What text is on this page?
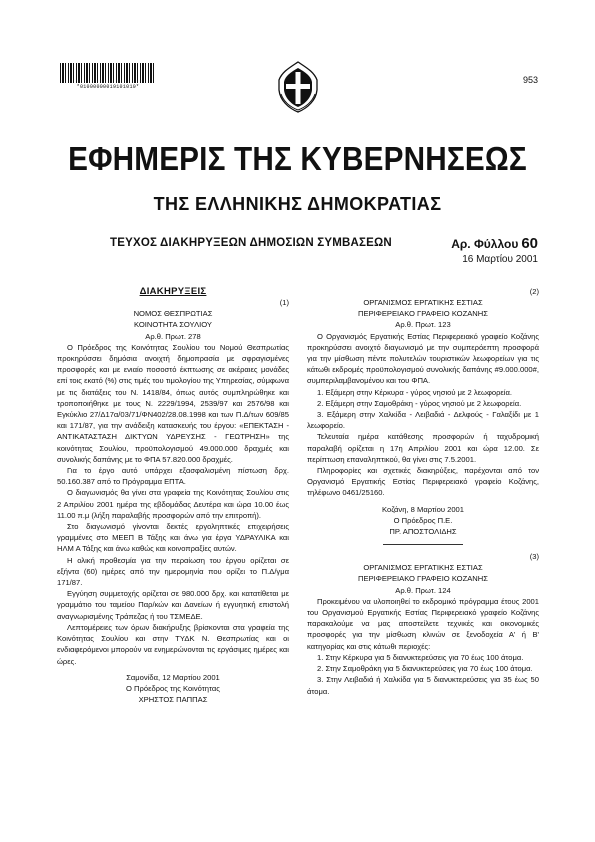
*01000000019101010*
953
ΕΦΗΜΕΡΙΣ ΤΗΣ ΚΥΒΕΡΝΗΣΕΩΣ
ΤΗΣ ΕΛΛΗΝΙΚΗΣ ΔΗΜΟΚΡΑΤΙΑΣ
ΤΕΥΧΟΣ ΔΙΑΚΗΡΥΞΕΩΝ ΔΗΜΟΣΙΩΝ ΣΥΜΒΑΣΕΩΝ	Αρ. Φύλλου 60
16 Μαρτίου 2001
ΔΙΑΚΗΡΥΞΕΙΣ
(1)
ΝΟΜΟΣ ΘΕΣΠΡΩΤΙΑΣ
ΚΟΙΝΟΤΗΤΑ ΣΟΥΛΙΟΥ
Αρ.θ. Πρωτ. 278
Ο Πρόεδρος της Κοινότητας Σουλίου του Νομού Θεσπρωτίας προκηρύσσει δημόσια ανοιχτή δημοπρασία με σφραγισμένες προσφορές και με ενιαίο ποσοστό έκπτωσης σε ακέραιες μονάδες επί τοις εκατό (%) στις τιμές του τιμολογίου της Υπηρεσίας, σύμφωνα με τις διατάξεις του Ν. 1418/84, όπως αυτός συμπληρώθηκε και τροποποιήθηκε με τους Ν. 2229/1994, 2539/97 και 2576/98 και Εγκύκλιο 27/Δ17α/03/71/ΦΝ402/28.08.1998 και των Π.Δ/των 609/85 και 171/87, για την ανάδειξη κατασκευής του έργου: «ΕΠΕΚΤΑΣΗ - ΑΝΤΙΚΑΤΑΣΤΑΣΗ ΔΙΚΤΥΩΝ ΥΔΡΕΥΣΗΣ - ΓΕΩΤΡΗΣΗ» της κοινότητας Σουλίου, προϋπολογισμού 49.000.000 δραχμές και συνολικής δαπάνης με το ΦΠΑ 57.820.000 δραχμές.
Για το έργο αυτό υπάρχει εξασφαλισμένη πίστωση δρχ. 50.160.387 από το Πρόγραμμα ΕΠΤΑ.
Ο διαγωνισμός θα γίνει στα γραφεία της Κοινότητας Σουλίου στις 2 Απριλίου 2001 ημέρα της εβδομάδας Δευτέρα και ώρα 10.00 έως 11.00 π.μ (λήξη παραλαβής προσφορών από την επιτροπή).
Στο διαγωνισμό γίνονται δεκτές εργοληπτικές επιχειρήσεις γραμμένες στο ΜΕΕΠ Β Τάξης και άνω για έργα ΥΔΡΑΥΛΙΚΑ και ΗΛΜ Α Τάξης και άνω καθώς και κοινοπραξίες αυτών.
Η ολική προθεσμία για την περαίωση του έργου ορίζεται σε εξήντα (60) ημέρες από την ημερομηνία που ορίζει το Π.Δ/γμα 171/87.
Εγγύηση συμμετοχής ορίζεται σε 980.000 δρχ. και κατατίθεται με γραμμάτιο του ταμείου Παρ/κών και Δανείων ή εγγυητική επιστολή αναγνωρισμένης Τράπεζας ή του ΤΣΜΕΔΕ.
Λεπτομέρειες των όρων διακήρυξης βρίσκονται στα γραφεία της Κοινότητας Σουλίου και στην ΤΥΔΚ Ν. Θεσπρωτίας και οι ενδιαφερόμενοι μπορούν να ενημερώνονται τις εργάσιμες ημέρες και ώρες.
Σαμονίδα, 12 Μαρτίου 2001
Ο Πρόεδρος της Κοινότητας
ΧΡΗΣΤΟΣ ΠΑΠΠΑΣ
(2)
ΟΡΓΑΝΙΣΜΟΣ ΕΡΓΑΤΙΚΗΣ ΕΣΤΙΑΣ
ΠΕΡΙΦΕΡΕΙΑΚΟ ΓΡΑΦΕΙΟ ΚΟΖΑΝΗΣ
Αρ.θ. Πρωτ. 123
Ο Οργανισμός Εργατικής Εστίας Περιφερειακό γραφείο Κοζάνης προκηρύσσει ανοιχτό διαγωνισμό με την συμπερόεπτη προσφορά για την μίσθωση πέντε πολυτελών τουριστικών λεωφορείων για τις κάτωθι εκδρομές προϋπολογισμού συνολικής δαπάνης #9.000.000#, συμπεριλαμβανομένου και του ΦΠΑ.
1. Εξάμερη στην Κέρκυρα - γύρος νησιού με 2 λεωφορεία.
2. Εξάμερη στην Σαμοθράκη - γύρος νησιού με 2 λεωφορεία.
3. Εξάμερη στην Χαλκίδα - Λειβαδιά - Δελφούς - Γαλαξίδι με 1 λεωφορείο.
Τελευταία ημέρα κατάθεσης προσφορών ή ταχυδρομική παραλαβή ορίζεται η 17η Απριλίου 2001 και ώρα 12.00. Σε περίπτωση επαναληπτικού, θα γίνει στις 7.5.2001.
Πληροφορίες και σχετικές διακηρύξεις, παρέχονται από τον Οργανισμό Εργατικής Εστίας Περιφερειακό γραφείο Κοζάνης, τηλέφωνο 0461/25160.
Κοζάνη, 8 Μαρτίου 2001
Ο Πρόεδρος Π.Ε.
ΠΡ. ΑΠΟΣΤΟΛΙΔΗΣ
(3)
ΟΡΓΑΝΙΣΜΟΣ ΕΡΓΑΤΙΚΗΣ ΕΣΤΙΑΣ
ΠΕΡΙΦΕΡΕΙΑΚΟ ΓΡΑΦΕΙΟ ΚΟΖΑΝΗΣ
Αρ.θ. Πρωτ. 124
Προκειμένου να υλοποιηθεί το εκδρομικό πρόγραμμα έτους 2001 του Οργανισμού Εργατικής Εστίας Περιφερειακό γραφείο Κοζάνης παρακαλούμε να μας αποστείλετε τεχνικές και οικονομικές προσφορές για την μίσθωση κλινών σε ξενοδοχεία Α' ή Β' κατηγορίας και στις κάτωθι περιοχές:
1. Στην Κέρκυρα για 5 διανυκτερεύσεις για 70 έως 100 άτομα.
2. Στην Σαμοθράκη για 5 διανυκτερεύσεις για 70 έως 100 άτομα.
3. Στην Λειβαδιά ή Χαλκίδα για 5 διανυκτερεύσεις για 35 έως 50 άτομα.
